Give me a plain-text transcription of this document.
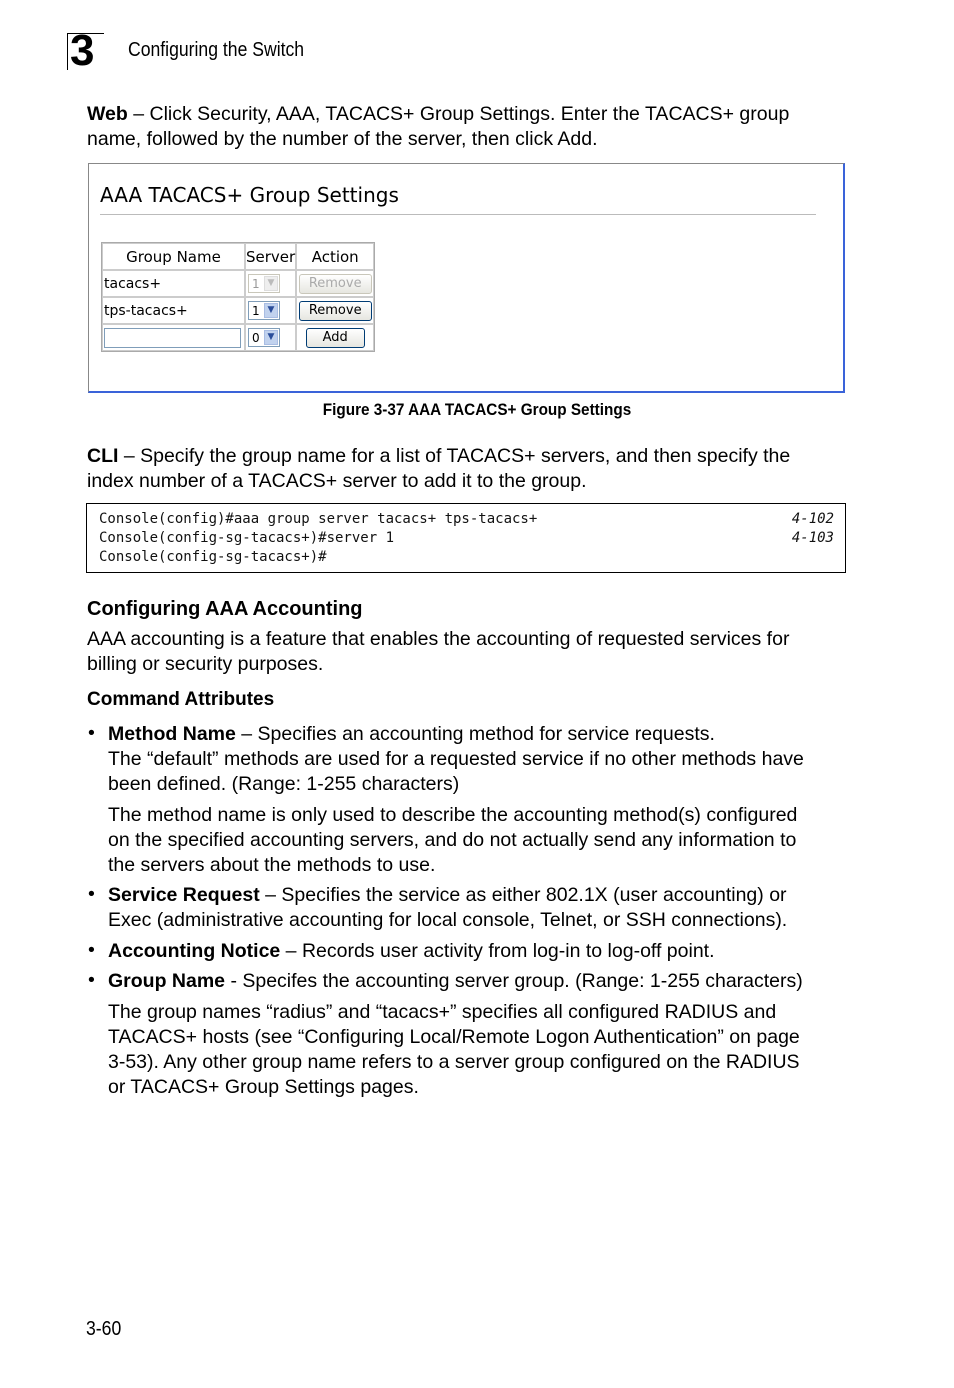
3 Configuring the Switch
Web – Click Security, AAA, TACACS+ Group Settings. Enter the TACACS+ group
name, followed by the number of the server, then click Add.
AAA TACACS+ Group Settings
Group Name	Server	Action
tacacs+	1 ▼	Remove
tps-tacacs+	1 ▼	Remove
	0 ▼	Add
Figure 3-37 AAA TACACS+ Group Settings
CLI – Specify the group name for a list of TACACS+ servers, and then specify the
index number of a TACACS+ server to add it to the group.
Console(config)#aaa group server tacacs+ tps-tacacs+	4-102
Console(config-sg-tacacs+)#server 1	4-103
Console(config-sg-tacacs+)#
Configuring AAA Accounting
AAA accounting is a feature that enables the accounting of requested services for
billing or security purposes.
Command Attributes
• Method Name – Specifies an accounting method for service requests.
The “default” methods are used for a requested service if no other methods have
been defined. (Range: 1-255 characters)
The method name is only used to describe the accounting method(s) configured
on the specified accounting servers, and do not actually send any information to
the servers about the methods to use.
• Service Request – Specifies the service as either 802.1X (user accounting) or
Exec (administrative accounting for local console, Telnet, or SSH connections).
• Accounting Notice – Records user activity from log-in to log-off point.
• Group Name - Specifes the accounting server group. (Range: 1-255 characters)
The group names “radius” and “tacacs+” specifies all configured RADIUS and
TACACS+ hosts (see “Configuring Local/Remote Logon Authentication” on page
3-53). Any other group name refers to a server group configured on the RADIUS
or TACACS+ Group Settings pages.
3-60
